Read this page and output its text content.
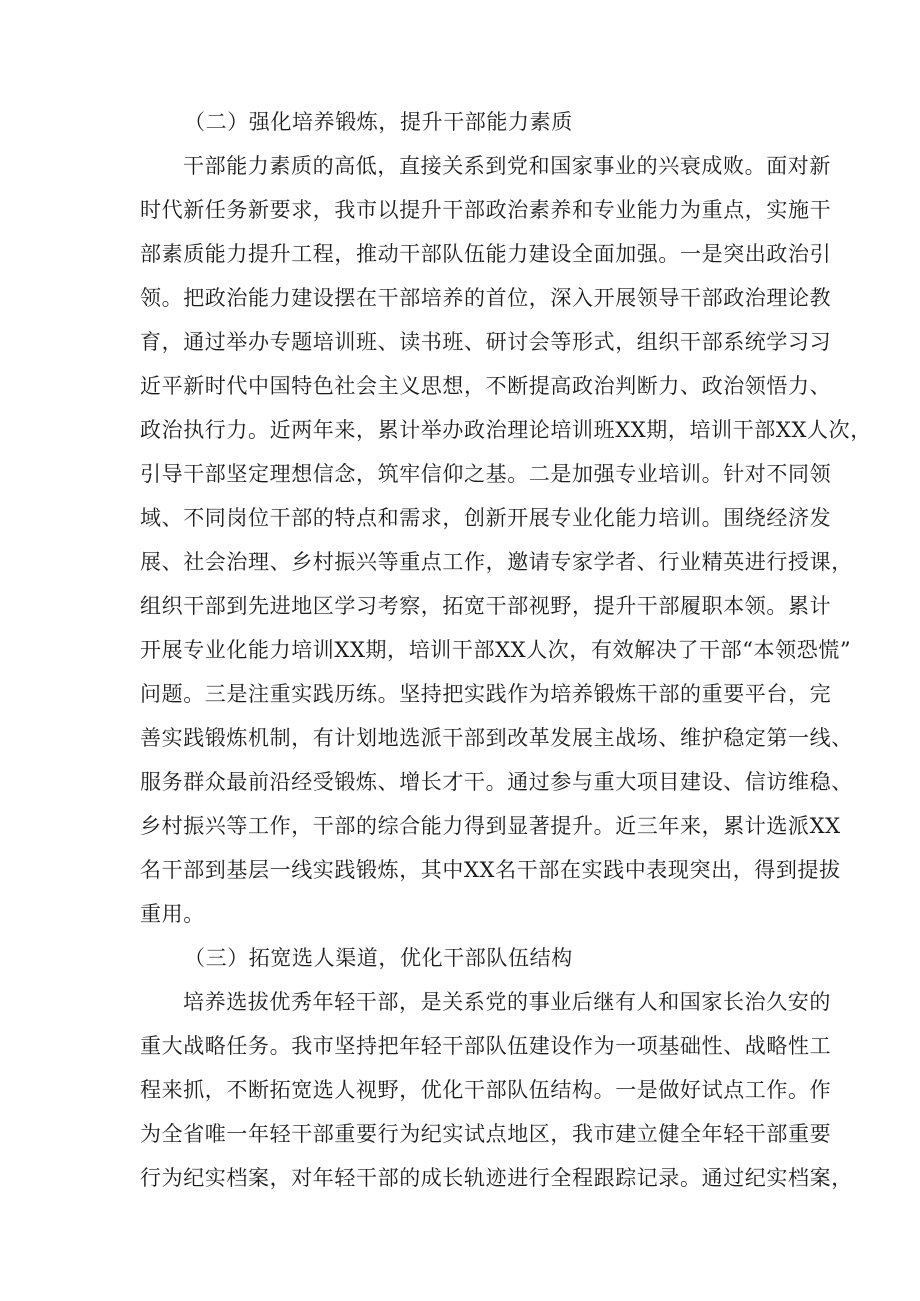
（二）强化培养锻炼，提升干部能力素质
干部能力素质的高低，直接关系到党和国家事业的兴衰成败。面对新
时代新任务新要求，我市以提升干部政治素养和专业能力为重点，实施干
部素质能力提升工程，推动干部队伍能力建设全面加强。一是突出政治引
领。把政治能力建设摆在干部培养的首位，深入开展领导干部政治理论教
育，通过举办专题培训班、读书班、研讨会等形式，组织干部系统学习习
近平新时代中国特色社会主义思想，不断提高政治判断力、政治领悟力、
政治执行力。近两年来，累计举办政治理论培训班XX期，培训干部XX人次，
引导干部坚定理想信念，筑牢信仰之基。二是加强专业培训。针对不同领
域、不同岗位干部的特点和需求，创新开展专业化能力培训。围绕经济发
展、社会治理、乡村振兴等重点工作，邀请专家学者、行业精英进行授课，
组织干部到先进地区学习考察，拓宽干部视野，提升干部履职本领。累计
开展专业化能力培训XX期，培训干部XX人次，有效解决了干部“本领恐慌”
问题。三是注重实践历练。坚持把实践作为培养锻炼干部的重要平台，完
善实践锻炼机制，有计划地选派干部到改革发展主战场、维护稳定第一线、
服务群众最前沿经受锻炼、增长才干。通过参与重大项目建设、信访维稳、
乡村振兴等工作，干部的综合能力得到显著提升。近三年来，累计选派XX
名干部到基层一线实践锻炼，其中XX名干部在实践中表现突出，得到提拔
重用。
（三）拓宽选人渠道，优化干部队伍结构
培养选拔优秀年轻干部，是关系党的事业后继有人和国家长治久安的
重大战略任务。我市坚持把年轻干部队伍建设作为一项基础性、战略性工
程来抓，不断拓宽选人视野，优化干部队伍结构。一是做好试点工作。作
为全省唯一年轻干部重要行为纪实试点地区，我市建立健全年轻干部重要
行为纪实档案，对年轻干部的成长轨迹进行全程跟踪记录。通过纪实档案，
